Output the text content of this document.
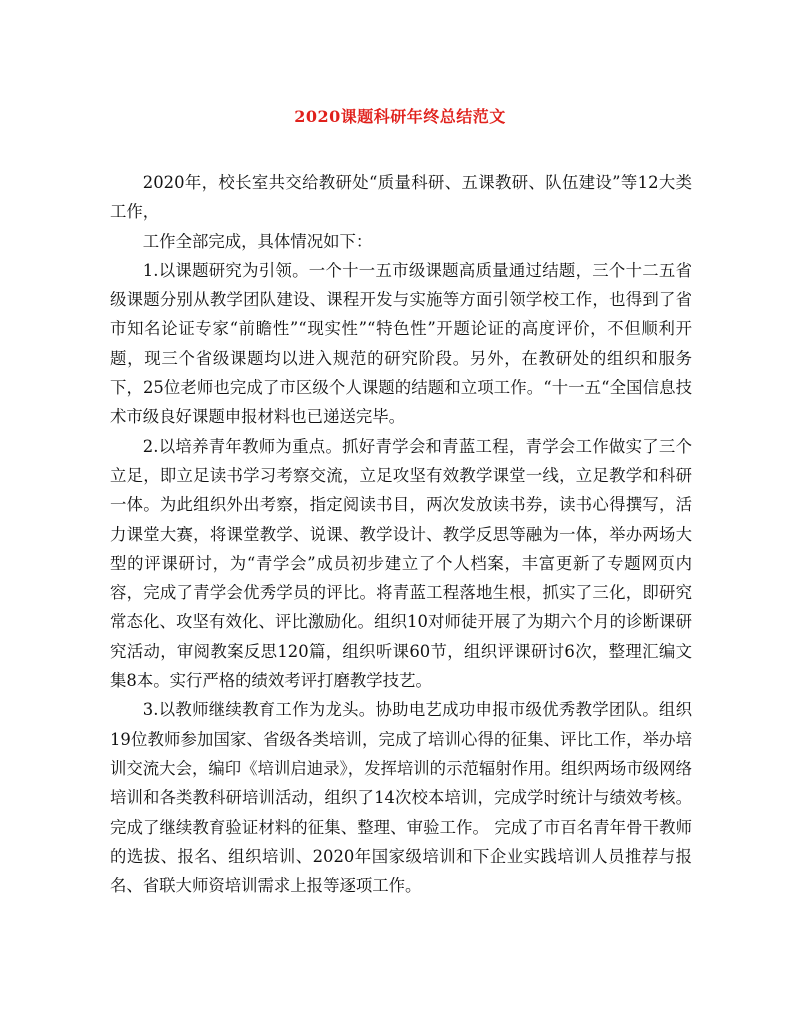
2020课题科研年终总结范文

2020年，校长室共交给教研处“质量科研、五课教研、队伍建设”等12大类工作，

工作全部完成，具体情况如下：

1.以课题研究为引领。一个十一五市级课题高质量通过结题，三个十二五省级课题分别从教学团队建设、课程开发与实施等方面引领学校工作，也得到了省市知名论证专家“前瞻性”“现实性”“特色性”开题论证的高度评价，不但顺利开题，现三个省级课题均以进入规范的研究阶段。另外，在教研处的组织和服务下，25位老师也完成了市区级个人课题的结题和立项工作。“十一五“全国信息技术市级良好课题申报材料也已递送完毕。

2.以培养青年教师为重点。抓好青学会和青蓝工程，青学会工作做实了三个立足，即立足读书学习考察交流，立足攻坚有效教学课堂一线，立足教学和科研一体。为此组织外出考察，指定阅读书目，两次发放读书券，读书心得撰写，活力课堂大赛，将课堂教学、说课、教学设计、教学反思等融为一体，举办两场大型的评课研讨，为“青学会”成员初步建立了个人档案，丰富更新了专题网页内容，完成了青学会优秀学员的评比。将青蓝工程落地生根，抓实了三化，即研究常态化、攻坚有效化、评比激励化。组织10对师徒开展了为期六个月的诊断课研究活动，审阅教案反思120篇，组织听课60节，组织评课研讨6次，整理汇编文集8本。实行严格的绩效考评打磨教学技艺。

3.以教师继续教育工作为龙头。协助电艺成功申报市级优秀教学团队。组织19位教师参加国家、省级各类培训，完成了培训心得的征集、评比工作，举办培训交流大会，编印《培训启迪录》，发挥培训的示范辐射作用。组织两场市级网络培训和各类教科研培训活动，组织了14次校本培训，完成学时统计与绩效考核。完成了继续教育验证材料的征集、整理、审验工作。 完成了市百名青年骨干教师的选拔、报名、组织培训、2020年国家级培训和下企业实践培训人员推荐与报名、省联大师资培训需求上报等逐项工作。
